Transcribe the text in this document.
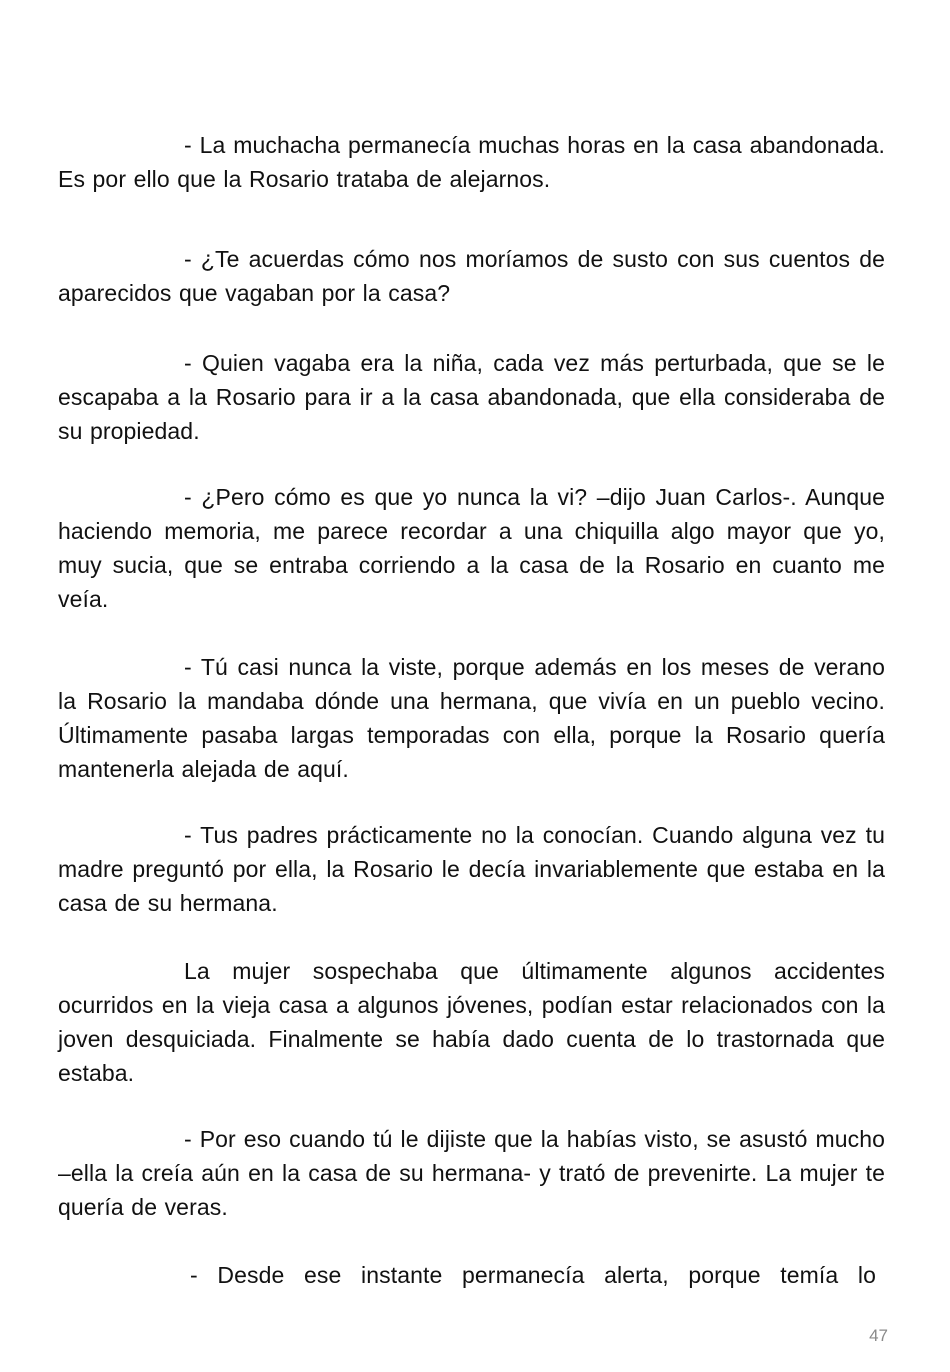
- La muchacha permanecía muchas horas en la casa abandonada. Es por ello que la Rosario trataba de alejarnos.

- ¿Te acuerdas cómo nos moríamos de susto con sus cuentos de aparecidos que vagaban por la casa?

- Quien vagaba era la niña, cada vez más perturbada, que se le escapaba a la Rosario para ir a la casa abandonada, que ella consideraba de su propiedad.

- ¿Pero cómo es que yo nunca la vi? –dijo Juan Carlos-. Aunque haciendo memoria, me parece recordar a una chiquilla algo mayor que yo, muy sucia, que se entraba corriendo a la casa de la Rosario en cuanto me veía.

- Tú casi nunca la viste, porque además en los meses de verano la Rosario la mandaba dónde una hermana, que vivía en un pueblo vecino. Últimamente pasaba largas temporadas con ella, porque la Rosario quería mantenerla alejada de aquí.

- Tus padres prácticamente no la conocían. Cuando alguna vez tu madre preguntó por ella, la Rosario le decía invariablemente que estaba en la casa de su hermana.

La mujer sospechaba que últimamente algunos accidentes ocurridos en la vieja casa a algunos jóvenes, podían estar relacionados con la joven desquiciada. Finalmente se había dado cuenta de lo trastornada que estaba.

- Por eso cuando tú le dijiste que la habías visto, se asustó mucho –ella la creía aún en la casa de su hermana- y trató de prevenirte. La mujer te quería de veras.

- Desde ese instante permanecía alerta, porque temía lo

47
